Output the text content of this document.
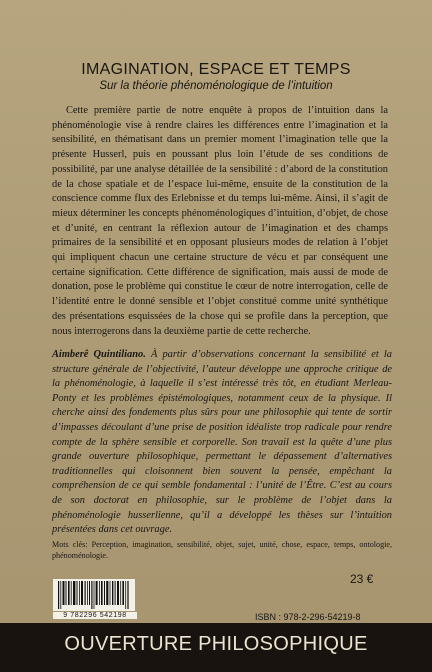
IMAGINATION, ESPACE ET TEMPS

Sur la théorie phénoménologique de l’intuition

Cette première partie de notre enquête à propos de l’intuition dans la phénoménologie vise à rendre claires les différences entre l’imagination et la sensibilité, en thématisant dans un premier moment l’imagination telle que la présente Husserl, puis en poussant plus loin l’étude de ses conditions de possibilité, par une analyse détaillée de la sensibilité : d’abord de la constitution de la chose spatiale et de l’espace lui-même, ensuite de la constitution de la conscience comme flux des Erlebnisse et du temps lui-même. Ainsi, il s’agit de mieux déterminer les concepts phénoménologiques d’intuition, d’objet, de chose et d’unité, en centrant la réflexion autour de l’imagination et des champs primaires de la sensibilité et en opposant plusieurs modes de relation à l’objet qui impliquent chacun une certaine structure de vécu et par conséquent une certaine signification. Cette différence de signification, mais aussi de mode de donation, pose le problème qui constitue le cœur de notre interrogation, celle de l’identité entre le donné sensible et l’objet constitué comme unité synthétique des présentations esquissées de la chose qui se profile dans la perception, que nous interrogerons dans la deuxième partie de cette recherche.

Aimberê Quintiliano. À partir d’observations concernant la sensibilité et la structure générale de l’objectivité, l’auteur développe une approche critique de la phénoménologie, à laquelle il s’est intéressé très tôt, en étudiant Merleau-Ponty et les problèmes épistémologiques, notamment ceux de la physique. Il cherche ainsi des fondements plus sûrs pour une philosophie qui tente de sortir d’impasses découlant d’une prise de position idéaliste trop radicale pour rendre compte de la sphère sensible et corporelle. Son travail est la quête d’une plus grande ouverture philosophique, permettant le dépassement d’alternatives traditionnelles qui cloisonnent bien souvent la pensée, empêchant la compréhension de ce qui semble fondamental : l’unité de l’Être. C’est au cours de son doctorat en philosophie, sur le problème de l’objet dans la phénoménologie husserlienne, qu’il a développé les thèses sur l’intuition présentées dans cet ouvrage.

Mots clés: Perception, imagination, sensibilité, objet, sujet, unité, chose, espace, temps, ontologie, phénoménologie.

23 €
9 782296 542198	ISBN : 978-2-296-54219-8

OUVERTURE PHILOSOPHIQUE
